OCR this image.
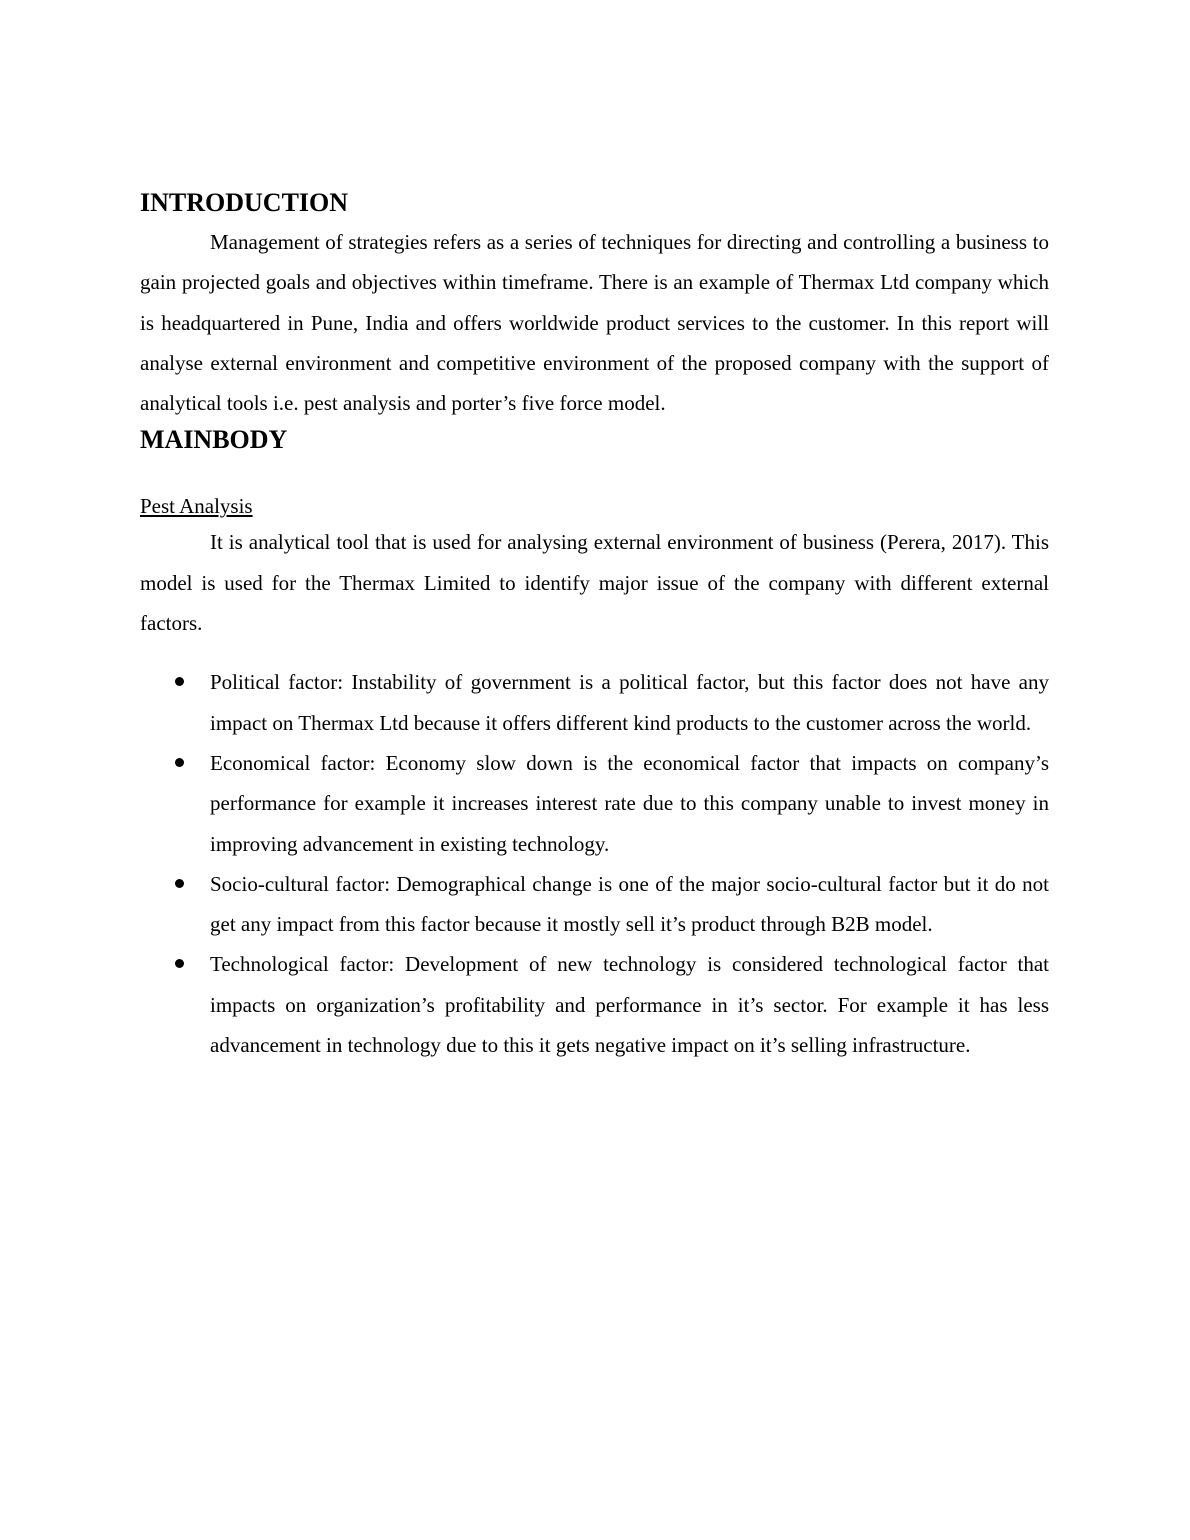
INTRODUCTION

Management of strategies refers as a series of techniques for directing and controlling a business to gain projected goals and objectives within timeframe. There is an example of Thermax Ltd company which is headquartered in Pune, India and offers worldwide product services to the customer. In this report will analyse external environment and competitive environment of the proposed company with the support of analytical tools i.e. pest analysis and porter’s five force model.

MAINBODY
Pest Analysis

It is analytical tool that is used for analysing external environment of business (Perera, 2017). This model is used for the Thermax Limited to identify major issue of the company with different external factors.

Political factor: Instability of government is a political factor, but this factor does not have any impact on Thermax Ltd because it offers different kind products to the customer across the world.
Economical factor: Economy slow down is the economical factor that impacts on company’s performance for example it increases interest rate due to this company unable to invest money in improving advancement in existing technology.
Socio-cultural factor: Demographical change is one of the major socio-cultural factor but it do not get any impact from this factor because it mostly sell it’s product through B2B model.
Technological factor: Development of new technology is considered technological factor that impacts on organization’s profitability and performance in it’s sector. For example it has less advancement in technology due to this it gets negative impact on it’s selling infrastructure.
